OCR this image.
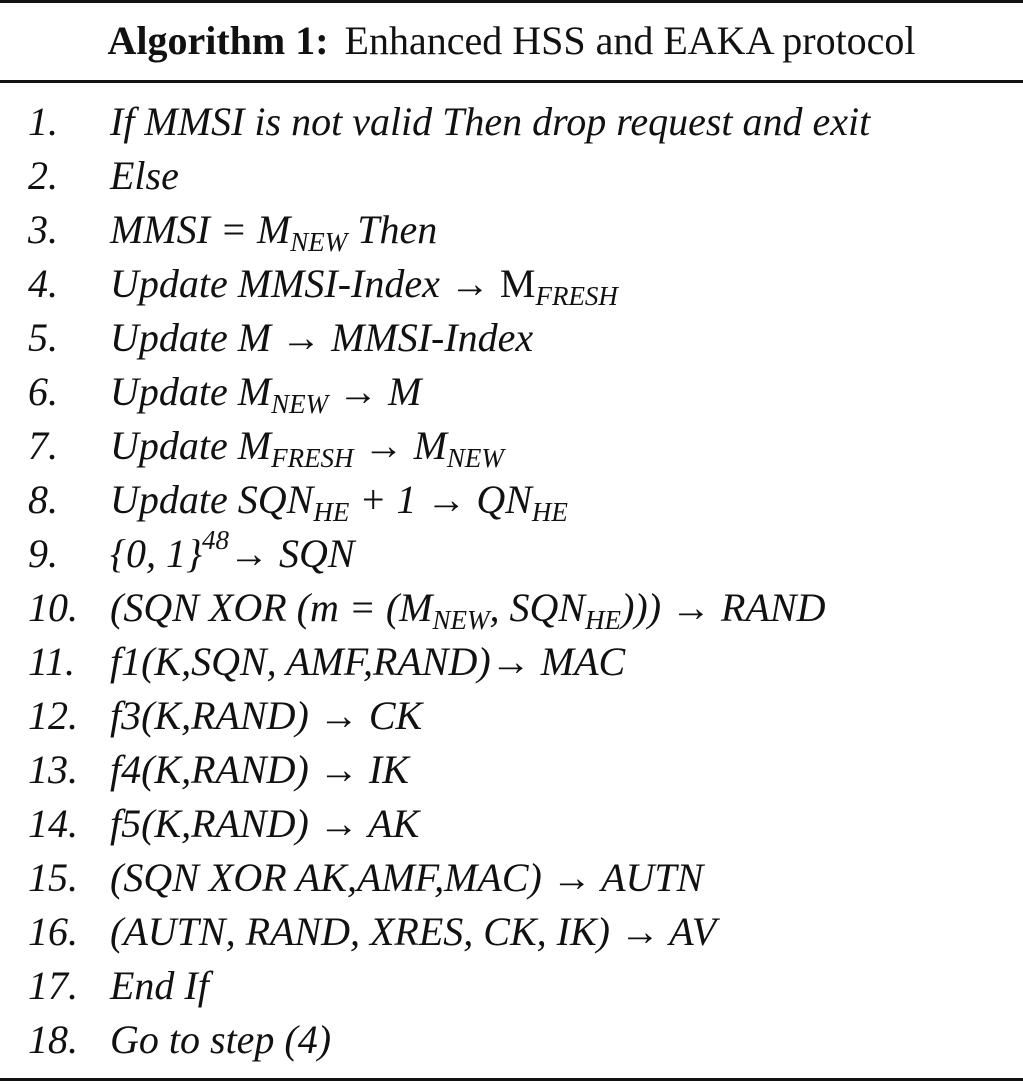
Algorithm 1: Enhanced HSS and EAKA protocol
1. If MMSI is not valid Then drop request and exit
2. Else
3. MMSI = $M_{NEW}$ Then
4. Update MMSI-Index → $M_{FRESH}$
5. Update M → MMSI-Index
6. Update $M_{NEW} \to M$
7. Update $M_{FRESH} \to M_{NEW}$
8. Update $SQN_{HE} + 1 \to QN_{HE}$
9. {0, 1}$^{48}$→ SQN
10. (SQN XOR ($m = (M_{NEW}$, $SQN_{HE}$))) → RAND
11. f1(K,SQN, AMF,RAND)→ MAC
12. f3(K,RAND) → CK
13. f4(K,RAND) → IK
14. f5(K,RAND) → AK
15. (SQN XOR AK,AMF,MAC) → AUTN
16. (AUTN, RAND, XRES, CK, IK) → AV
17. End If
18. Go to step (4)
